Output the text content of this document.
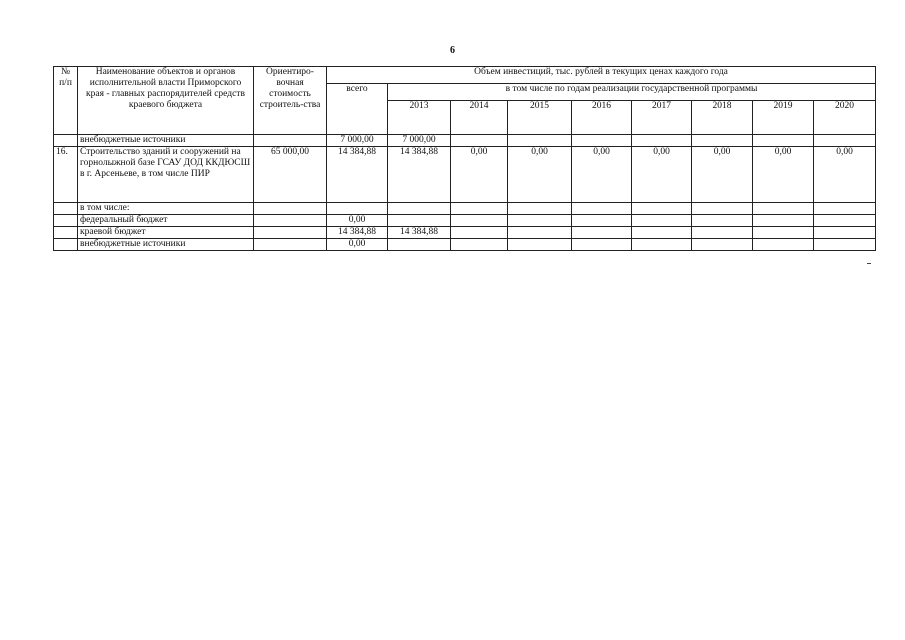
6
№ п/п	Наименование объектов и органов исполнительной власти Приморского края - главных распорядителей средств краевого бюджета	Ориентиро-вочная стоимость строитель-ства	Объем инвестиций, тыс. рублей в текущих ценах каждого года								
			всего	в том числе по годам реализации государственной программы							
				2013	2014	2015	2016	2017	2018	2019	2020
	внебюджетные источники		7 000,00	7 000,00							
16.	Строительство зданий и сооружений на горнолыжной базе ГСАУ ДОД ККДЮСШ в г. Арсеньеве, в том числе ПИР	65 000,00	14 384,88	14 384,88	0,00	0,00	0,00	0,00	0,00	0,00	0,00
	в том числе:										
	федеральный бюджет		0,00								
	краевой бюджет		14 384,88	14 384,88							
	внебюджетные источники		0,00								
